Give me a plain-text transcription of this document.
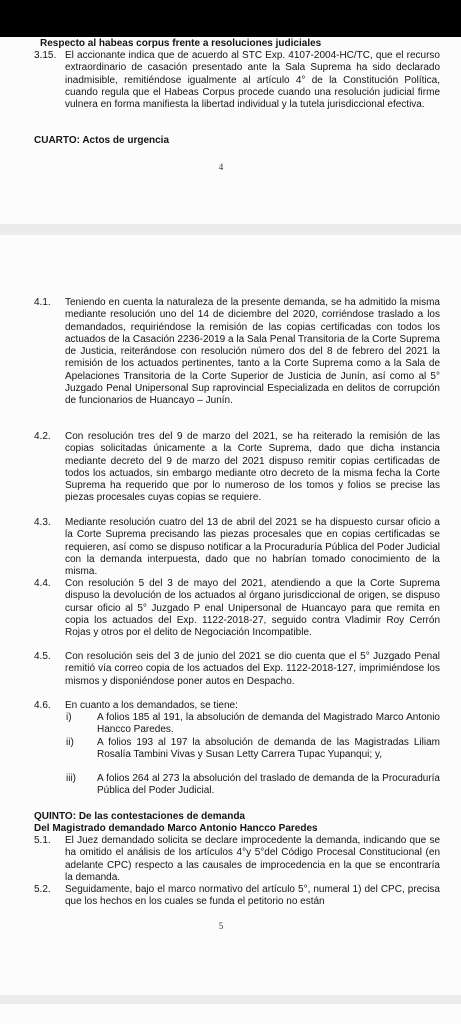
Respecto al habeas corpus frente a resoluciones judiciales
3.15. El accionante indica que de acuerdo al STC Exp. 4107-2004-HC/TC, que el recurso extraordinario de casación presentado ante la Sala Suprema ha sido declarado inadmisible, remitiéndose igualmente al artículo 4° de la Constitución Política, cuando regula que el Habeas Corpus procede cuando una resolución judicial firme vulnera en forma manifiesta la libertad individual y la tutela jurisdiccional efectiva.
CUARTO: Actos de urgencia
4
4.1. Teniendo en cuenta la naturaleza de la presente demanda, se ha admitido la misma mediante resolución uno del 14 de diciembre del 2020, corriéndose traslado a los demandados, requiriéndose la remisión de las copias certificadas con todos los actuados de la Casación 2236-2019 a la Sala Penal Transitoria de la Corte Suprema de Justicia, reiterándose con resolución número dos del 8 de febrero del 2021 la remisión de los actuados pertinentes, tanto a la Corte Suprema como a la Sala de Apelaciones Transitoria de la Corte Superior de Justicia de Junín, así como al 5° Juzgado Penal Unipersonal Sup raprovincial Especializada en delitos de corrupción de funcionarios de Huancayo – Junín.
4.2. Con resolución tres del 9 de marzo del 2021, se ha reiterado la remisión de las copias solicitadas únicamente a la Corte Suprema, dado que dicha instancia mediante decreto del 9 de marzo del 2021 dispuso remitir copias certificadas de todos los actuados, sin embargo mediante otro decreto de la misma fecha la Corte Suprema ha requerido que por lo numeroso de los tomos y folios se precise las piezas procesales cuyas copias se requiere.
4.3. Mediante resolución cuatro del 13 de abril del 2021 se ha dispuesto cursar oficio a la Corte Suprema precisando las piezas procesales que en copias certificadas se requieren, así como se dispuso notificar a la Procuraduría Pública del Poder Judicial con la demanda interpuesta, dado que no habrían tomado conocimiento de la misma.
4.4. Con resolución 5 del 3 de mayo del 2021, atendiendo a que la Corte Suprema dispuso la devolución de los actuados al órgano jurisdiccional de origen, se dispuso cursar oficio al 5° Juzgado P enal Unipersonal de Huancayo para que remita en copia los actuados del Exp. 1122-2018-27, seguido contra Vladimir Roy Cerrón Rojas y otros por el delito de Negociación Incompatible.
4.5. Con resolución seis del 3 de junio del 2021 se dio cuenta que el 5° Juzgado Penal remitió vía correo copia de los actuados del Exp. 1122-2018-127, imprimiéndose los mismos y disponiéndose poner autos en Despacho.
4.6. En cuanto a los demandados, se tiene:
i)	A folios 185 al 191, la absolución de demanda del Magistrado Marco Antonio Hancco Paredes.
ii) A folios 193 al 197 la absolución de demanda de las Magistradas Liliam Rosalía Tambini Vivas y Susan Letty Carrera Tupac Yupanqui; y,
iii) A folios 264 al 273 la absolución del traslado de demanda de la Procuraduría Pública del Poder Judicial.
QUINTO: De las contestaciones de demanda
Del Magistrado demandado Marco Antonio Hancco Paredes
5.1. El Juez demandado solicita se declare improcedente la demanda, indicando que se ha omitido el análisis de los artículos 4°y 5°del Código Procesal Constitucional (en adelante CPC) respecto a las causales de improcedencia en la que se encontraría la demanda.
5.2. Seguidamente, bajo el marco normativo del artículo 5°, numeral 1) del CPC, precisa que los hechos en los cuales se funda el petitorio no están
5
